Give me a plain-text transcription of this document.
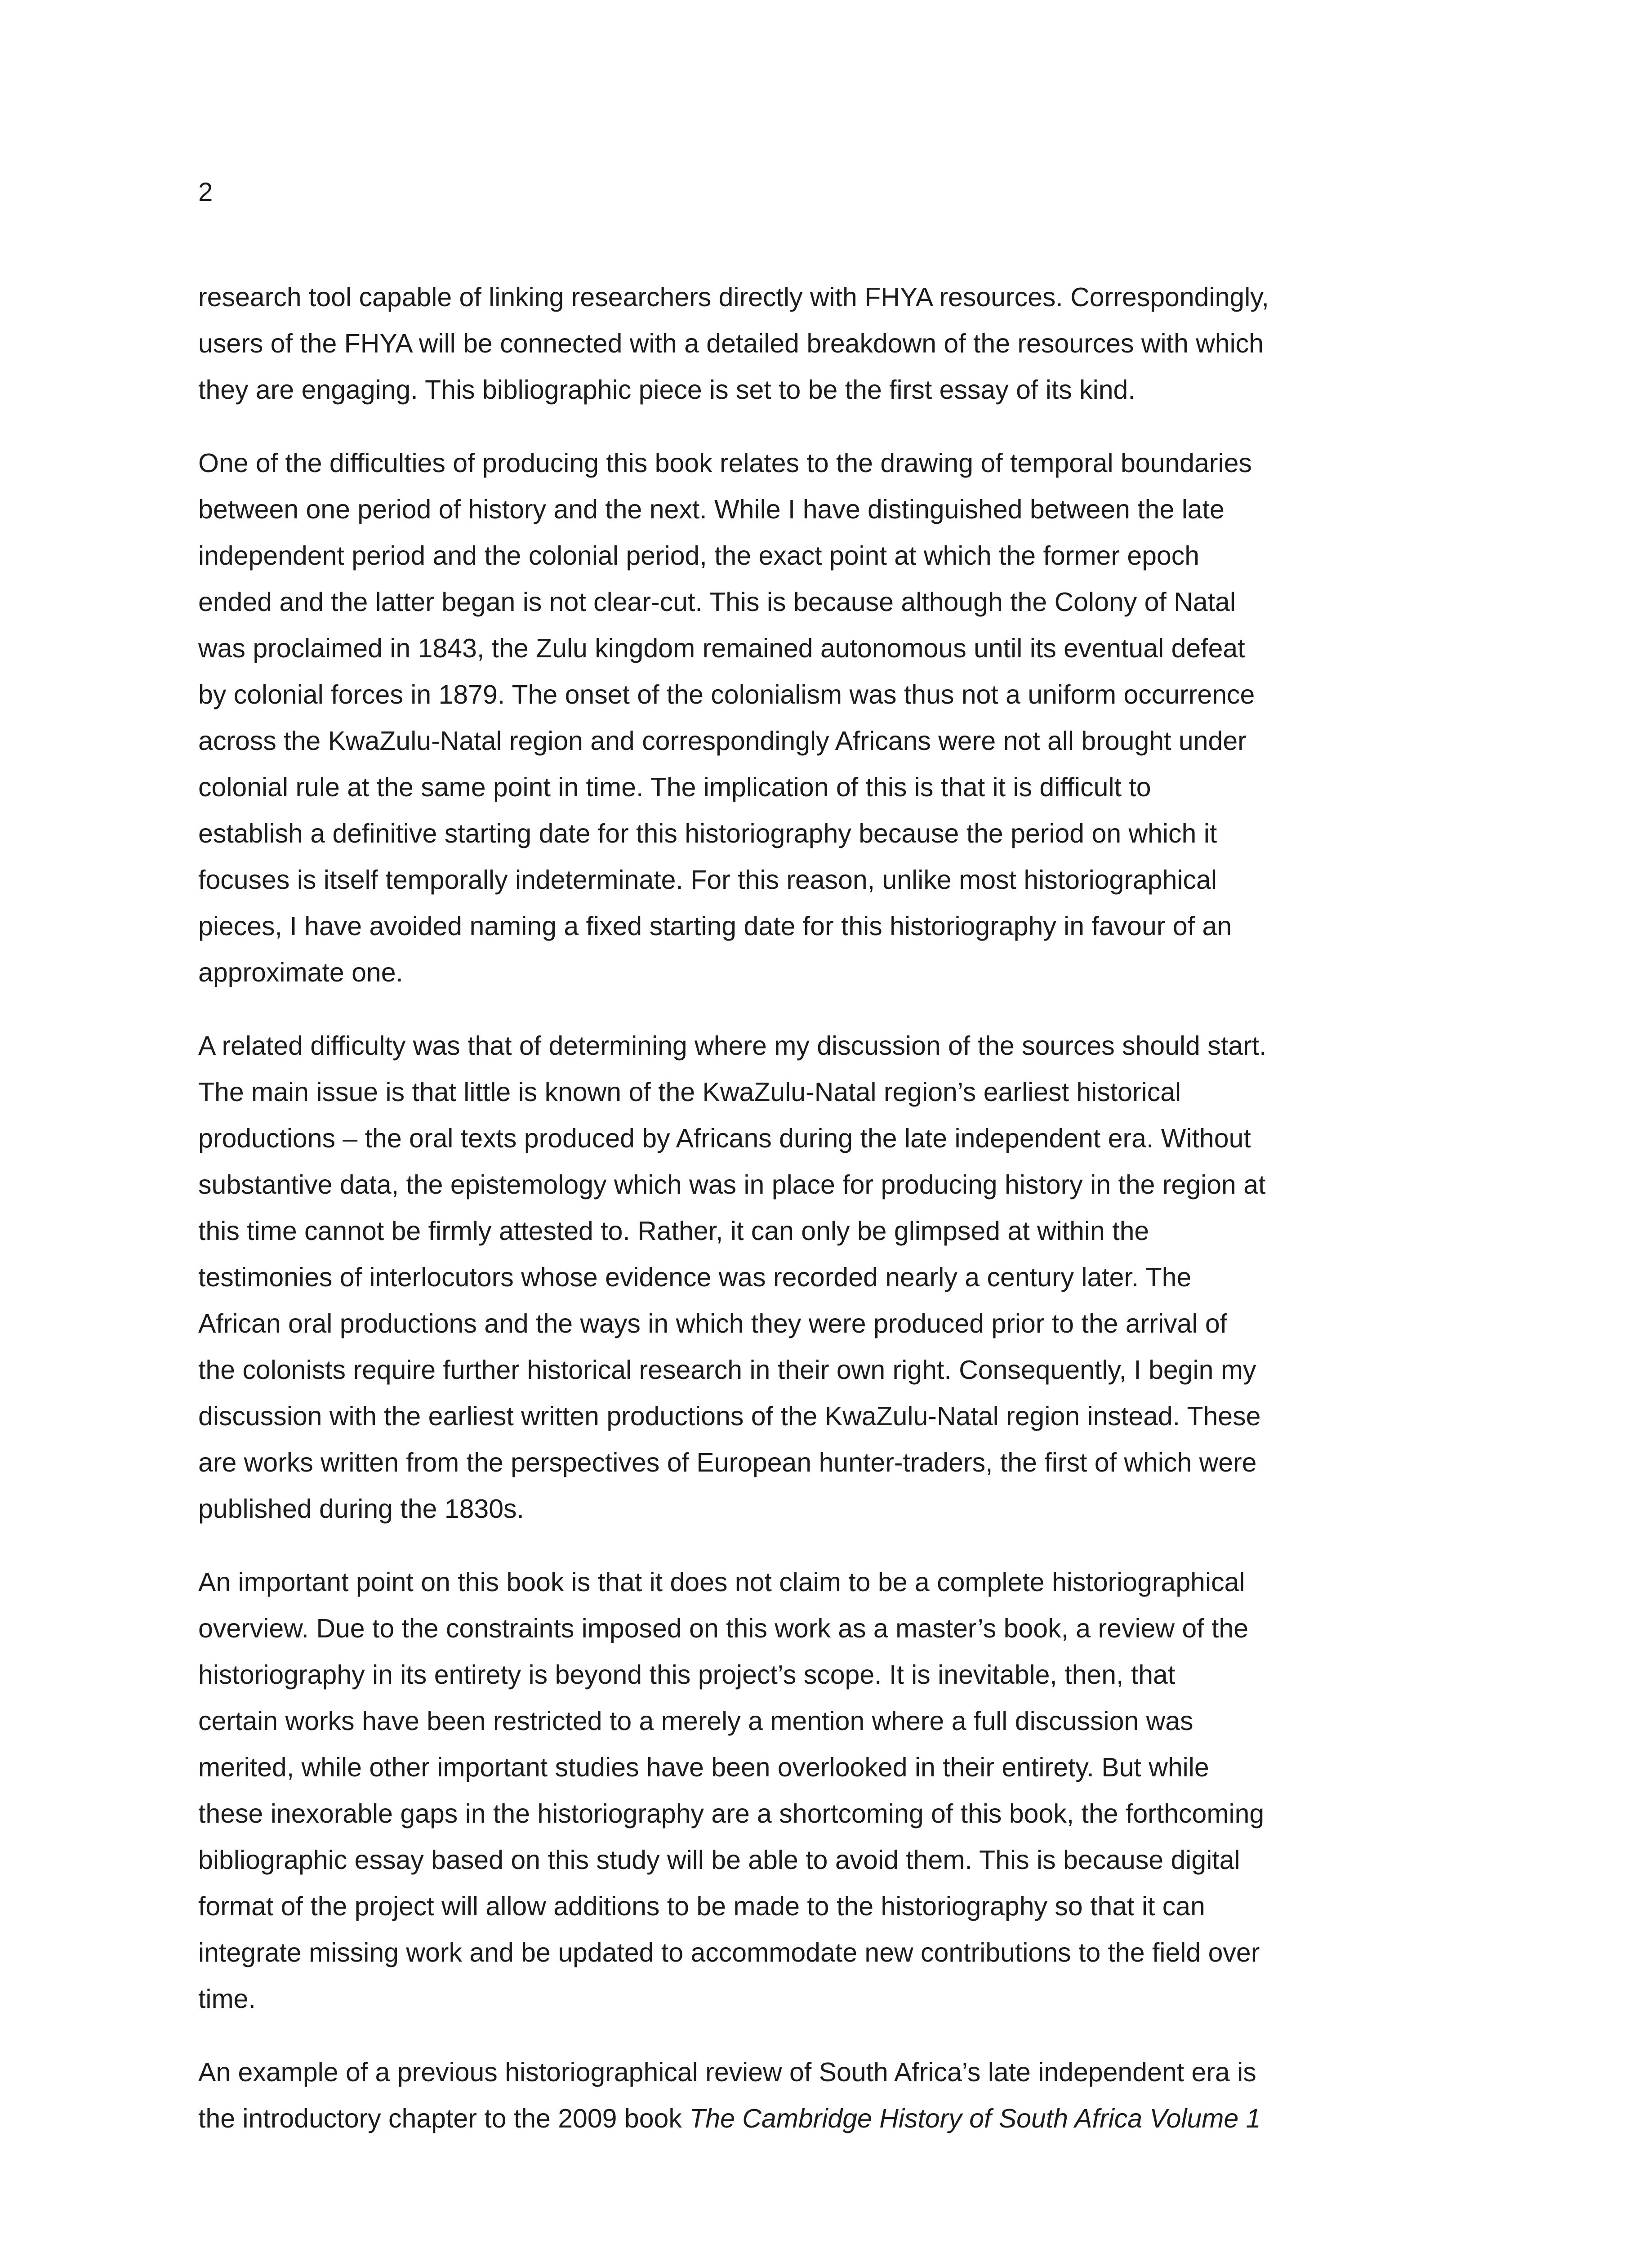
2

research tool capable of linking researchers directly with FHYA resources. Correspondingly,
users of the FHYA will be connected with a detailed breakdown of the resources with which
they are engaging. This bibliographic piece is set to be the first essay of its kind.

One of the difficulties of producing this book relates to the drawing of temporal boundaries
between one period of history and the next. While I have distinguished between the late
independent period and the colonial period, the exact point at which the former epoch
ended and the latter began is not clear-cut. This is because although the Colony of Natal
was proclaimed in 1843, the Zulu kingdom remained autonomous until its eventual defeat
by colonial forces in 1879. The onset of the colonialism was thus not a uniform occurrence
across the KwaZulu-Natal region and correspondingly Africans were not all brought under
colonial rule at the same point in time. The implication of this is that it is difficult to
establish a definitive starting date for this historiography because the period on which it
focuses is itself temporally indeterminate. For this reason, unlike most historiographical
pieces, I have avoided naming a fixed starting date for this historiography in favour of an
approximate one.

A related difficulty was that of determining where my discussion of the sources should start.
The main issue is that little is known of the KwaZulu-Natal region’s earliest historical
productions – the oral texts produced by Africans during the late independent era. Without
substantive data, the epistemology which was in place for producing history in the region at
this time cannot be firmly attested to. Rather, it can only be glimpsed at within the
testimonies of interlocutors whose evidence was recorded nearly a century later. The
African oral productions and the ways in which they were produced prior to the arrival of
the colonists require further historical research in their own right. Consequently, I begin my
discussion with the earliest written productions of the KwaZulu-Natal region instead. These
are works written from the perspectives of European hunter-traders, the first of which were
published during the 1830s.

An important point on this book is that it does not claim to be a complete historiographical
overview. Due to the constraints imposed on this work as a master’s book, a review of the
historiography in its entirety is beyond this project’s scope. It is inevitable, then, that
certain works have been restricted to a merely a mention where a full discussion was
merited, while other important studies have been overlooked in their entirety. But while
these inexorable gaps in the historiography are a shortcoming of this book, the forthcoming
bibliographic essay based on this study will be able to avoid them. This is because digital
format of the project will allow additions to be made to the historiography so that it can
integrate missing work and be updated to accommodate new contributions to the field over
time.

An example of a previous historiographical review of South Africa’s late independent era is
the introductory chapter to the 2009 book The Cambridge History of South Africa Volume 1
